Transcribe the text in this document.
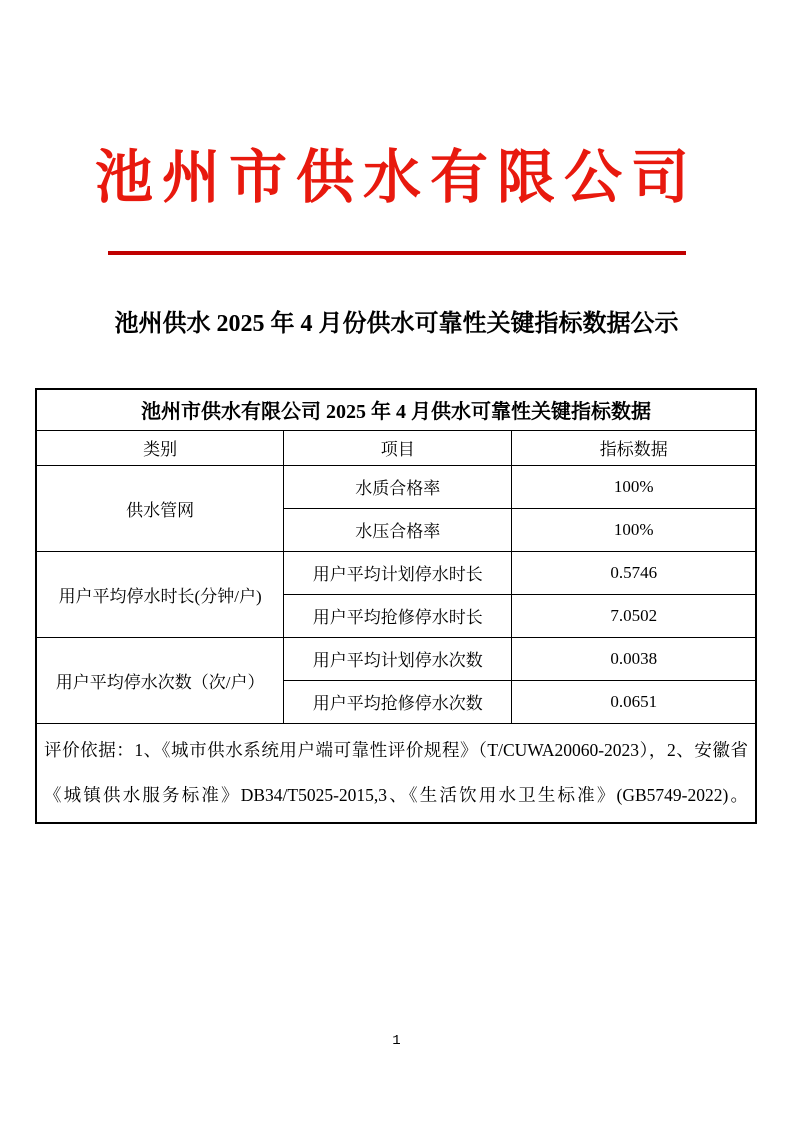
池州市供水有限公司
池州供水 2025 年 4 月份供水可靠性关键指标数据公示
池州市供水有限公司 2025 年 4 月供水可靠性关键指标数据		
类别	项目	指标数据
供水管网	水质合格率	100%
	水压合格率	100%
用户平均停水时长(分钟/户)	用户平均计划停水时长	0.5746
	用户平均抢修停水时长	7.0502
用户平均停水次数（次/户）	用户平均计划停水次数	0.0038
	用户平均抢修停水次数	0.0651
评价依据：1、《城市供水系统用户端可靠性评价规程》（T/CUWA20060-2023），2、安徽省《城镇供水服务标准》DB34/T5025-2015,3、《生活饮用水卫生标准》(GB5749-2022)。		
1
